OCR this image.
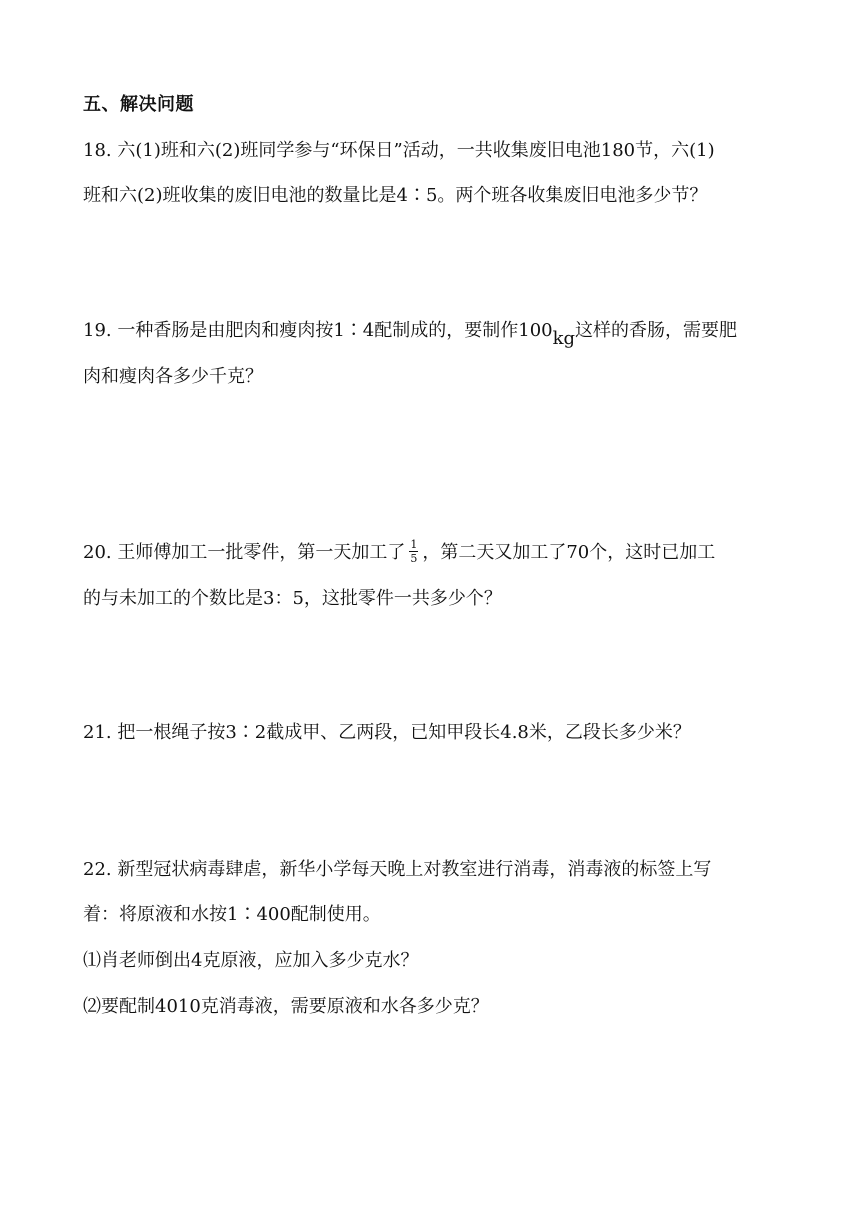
五、解决问题
18. 六(1)班和六(2)班同学参与“环保日”活动，一共收集废旧电池180节，六(1)
班和六(2)班收集的废旧电池的数量比是4∶5。两个班各收集废旧电池多少节？
19. 一种香肠是由肥肉和瘦肉按1∶4配制成的，要制作100kg这样的香肠，需要肥
肉和瘦肉各多少千克？
20. 王师傅加工一批零件，第一天加工了 $\frac{1}{5}$ ，第二天又加工了70个，这时已加工
的与未加工的个数比是3：5，这批零件一共多少个？
21. 把一根绳子按3∶2截成甲、乙两段，已知甲段长4.8米，乙段长多少米？
22. 新型冠状病毒肆虐，新华小学每天晚上对教室进行消毒，消毒液的标签上写
着：将原液和水按1∶400配制使用。
⑴肖老师倒出4克原液，应加入多少克水？
⑵要配制4010克消毒液，需要原液和水各多少克？
